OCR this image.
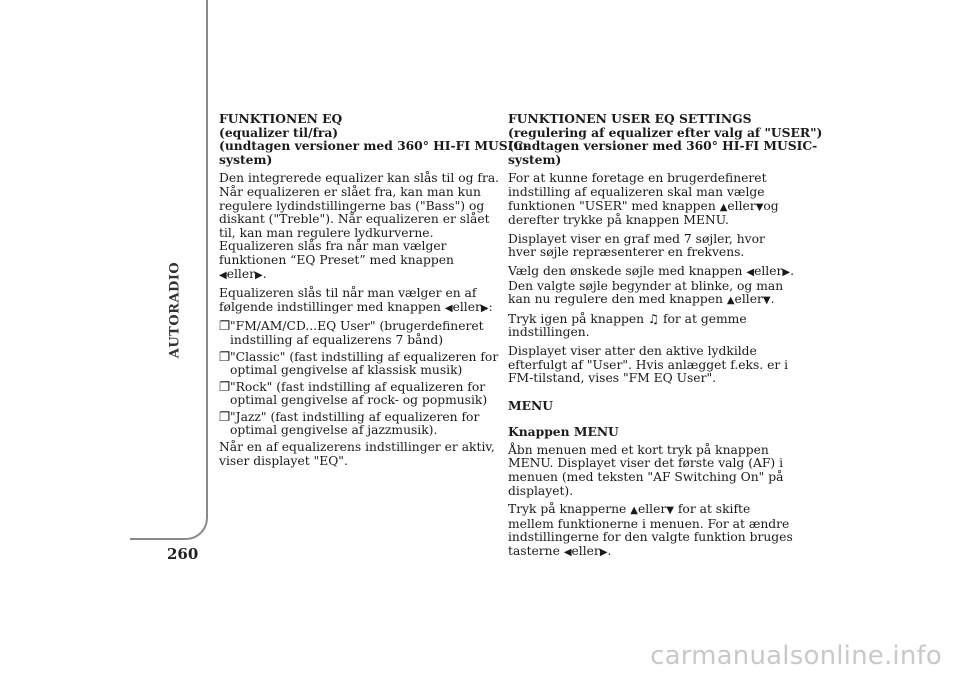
AUTORADIO
260
FUNKTIONEN EQ
(equalizer til/fra)
(undtagen versioner med 360° HI-FI MUSIC-
system)

Den integrerede equalizer kan slås til og fra. Når equalizeren er slået fra, kan man kun regulere lydindstillingerne bas ("Bass") og diskant ("Treble"). Når equalizeren er slået til, kan man regulere lydkurverne. Equalizeren slås fra når man vælger funktionen “EQ Preset” med knappen ◀eller▶.

Equalizeren slås til når man vælger en af følgende indstillinger med knappen ◀eller▶:

❐ "FM/AM/CD...EQ User" (brugerdefineret indstilling af equalizerens 7 bånd)
❐ "Classic" (fast indstilling af equalizeren for optimal gengivelse af klassisk musik)
❐ "Rock" (fast indstilling af equalizeren for optimal gengivelse af rock- og popmusik)
❐ "Jazz" (fast indstilling af equalizeren for optimal gengivelse af jazzmusik).

Når en af equalizerens indstillinger er aktiv, viser displayet "EQ".

FUNKTIONEN USER EQ SETTINGS
(regulering af equalizer efter valg af "USER")
(undtagen versioner med 360° HI-FI MUSIC-
system)

For at kunne foretage en brugerdefineret indstilling af equalizeren skal man vælge funktionen "USER" med knappen ▲eller▼og derefter trykke på knappen MENU.

Displayet viser en graf med 7 søjler, hvor hver søjle repræsenterer en frekvens.

Vælg den ønskede søjle med knappen ◀eller▶. Den valgte søjle begynder at blinke, og man kan nu regulere den med knappen ▲eller▼.

Tryk igen på knappen ♫ for at gemme indstillingen.

Displayet viser atter den aktive lydkilde efterfulgt af "User". Hvis anlægget f.eks. er i FM-tilstand, vises "FM EQ User".

MENU

Knappen MENU

Åbn menuen med et kort tryk på knappen MENU. Displayet viser det første valg (AF) i menuen (med teksten "AF Switching On" på displayet).

Tryk på knapperne ▲eller▼ for at skifte mellem funktionerne i menuen. For at ændre indstillingerne for den valgte funktion bruges tasterne ◀eller▶.

carmanualsonline.info
